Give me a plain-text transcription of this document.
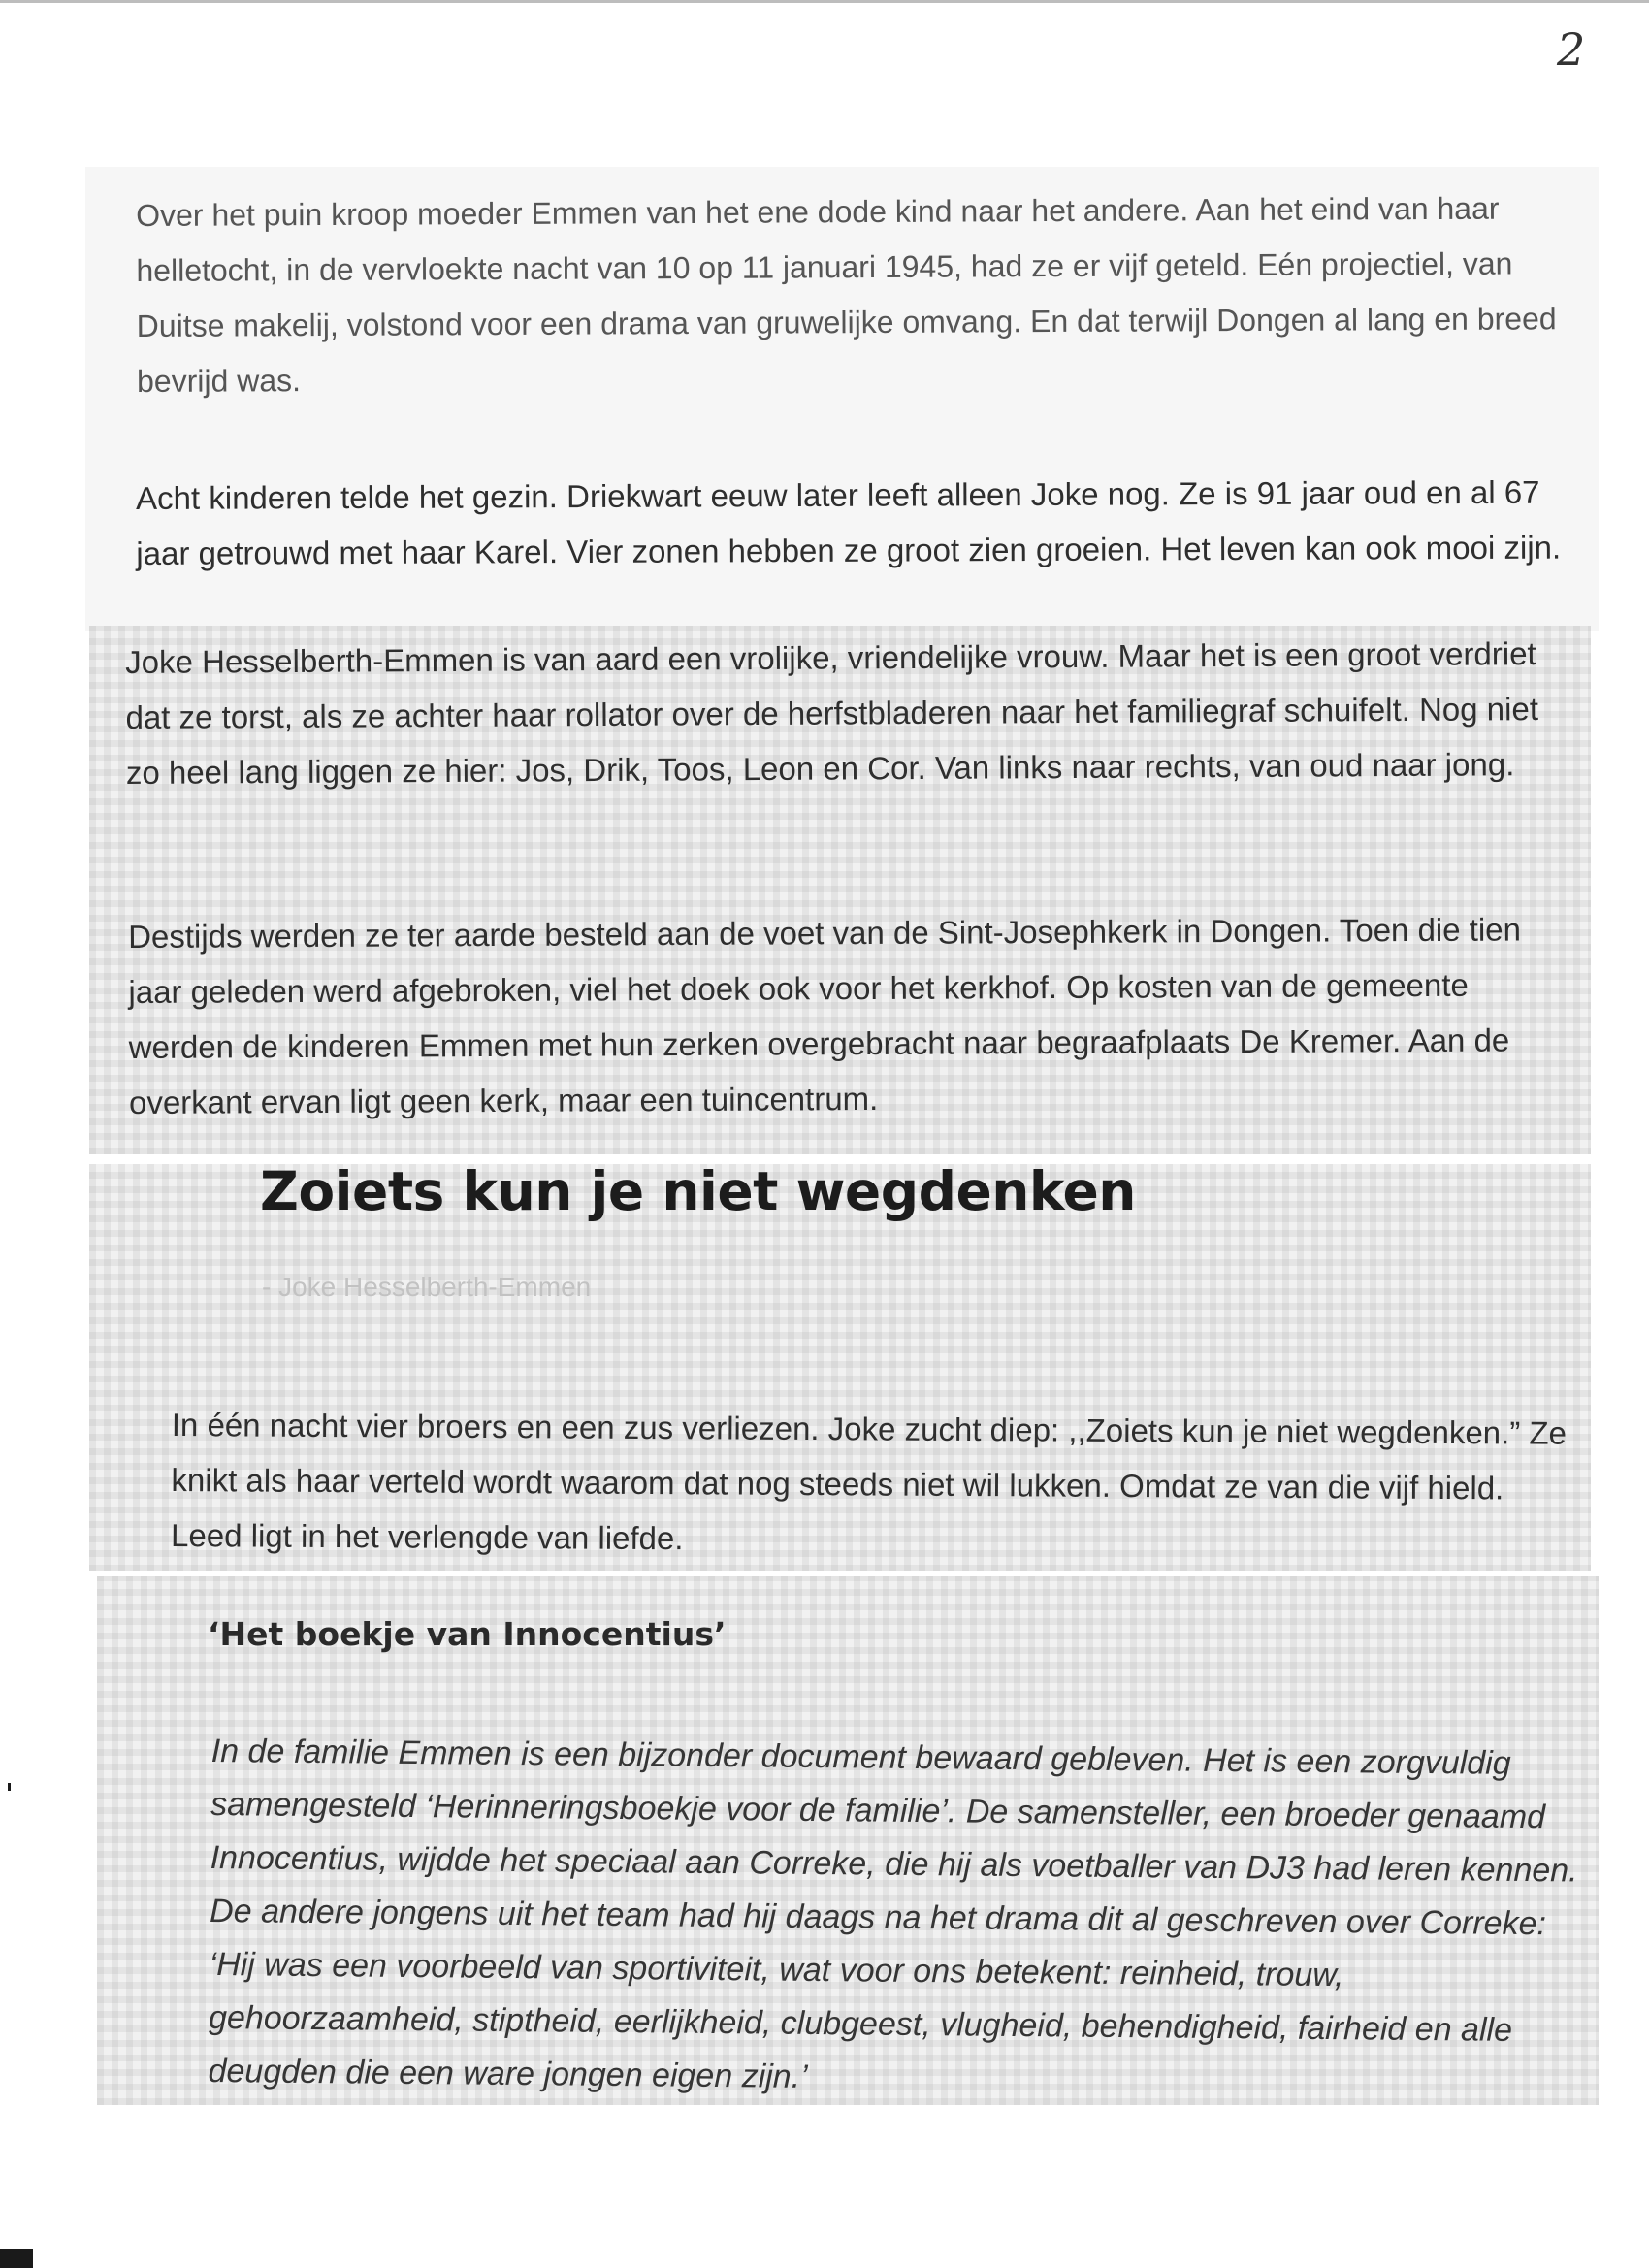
2

Over het puin kroop moeder Emmen van het ene dode kind naar het andere. Aan het eind van haar helletocht, in de vervloekte nacht van 10 op 11 januari 1945, had ze er vijf geteld. Eén projectiel, van Duitse makelij, volstond voor een drama van gruwelijke omvang. En dat terwijl Dongen al lang en breed bevrijd was.

Acht kinderen telde het gezin. Driekwart eeuw later leeft alleen Joke nog. Ze is 91 jaar oud en al 67 jaar getrouwd met haar Karel. Vier zonen hebben ze groot zien groeien. Het leven kan ook mooi zijn.

Joke Hesselberth-Emmen is van aard een vrolijke, vriendelijke vrouw. Maar het is een groot verdriet dat ze torst, als ze achter haar rollator over de herfstbladeren naar het familiegraf schuifelt. Nog niet zo heel lang liggen ze hier: Jos, Drik, Toos, Leon en Cor. Van links naar rechts, van oud naar jong.

Destijds werden ze ter aarde besteld aan de voet van de Sint-Josephkerk in Dongen. Toen die tien jaar geleden werd afgebroken, viel het doek ook voor het kerkhof. Op kosten van de gemeente werden de kinderen Emmen met hun zerken overgebracht naar begraafplaats De Kremer. Aan de overkant ervan ligt geen kerk, maar een tuincentrum.

In één nacht vier broers en een zus verliezen. Joke zucht diep: ,,Zoiets kun je niet wegdenken.” Ze knikt als haar verteld wordt waarom dat nog steeds niet wil lukken. Omdat ze van die vijf hield. Leed ligt in het verlengde van liefde.

Zoiets kun je niet wegdenken

- Joke Hesselberth-Emmen

‘Het boekje van Innocentius’

In de familie Emmen is een bijzonder document bewaard gebleven. Het is een zorgvuldig samengesteld ‘Herinneringsboekje voor de familie’. De samensteller, een broeder genaamd Innocentius, wijdde het speciaal aan Correke, die hij als voetballer van DJ3 had leren kennen. De andere jongens uit het team had hij daags na het drama dit al geschreven over Correke: ‘Hij was een voorbeeld van sportiviteit, wat voor ons betekent: reinheid, trouw, gehoorzaamheid, stiptheid, eerlijkheid, clubgeest, vlugheid, behendigheid, fairheid en alle deugden die een ware jongen eigen zijn.’
